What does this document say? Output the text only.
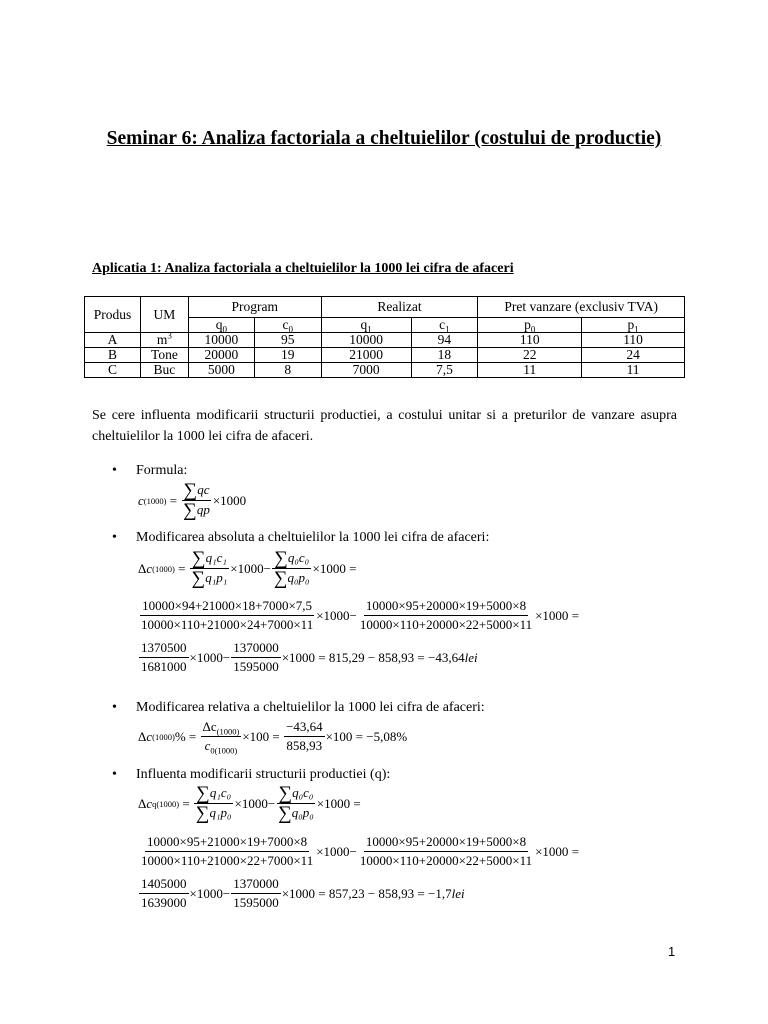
Seminar 6: Analiza factoriala a cheltuielilor (costului de productie)
Aplicatia 1: Analiza factoriala a cheltuielilor la 1000 lei cifra de afaceri
Produs	UM	Program		Realizat		Pret vanzare (exclusiv TVA)	
		$q_0$	$c_0$	$q_1$	$c_1$	$p_0$	$p_1$
A	$m^3$	10000	95	10000	94	110	110
B	Tone	20000	19	21000	18	22	24
C	Buc	5000	8	7000	7,5	11	11
Se cere influenta modificarii structurii productiei, a costului unitar si a preturilor de vanzare asupra cheltuielilor la 1000 lei cifra de afaceri.
• Formula:
c (1000)
=
$\frac{\sum qc}{\sum qp} \times 1000$
• Modificarea absoluta a cheltuielilor la 1000 lei cifra de afaceri:
Δ c (1000)
=
$\frac{\text{∑q₁c₁}}{\text{∑q₁p₁}} \times 1000 - \frac{\text{∑q₀c₀}}{\text{∑q₀p₀}} \times 1000$
=
$\frac{10000\times 94+21000\times 18+7000\times 7,5}{10000\times 110+21000\times 24+7000\times 11} \times 1000 - \frac{10000\times 95+20000\times 19+5000\times 8}{10000\times 110+20000\times 22+5000\times 11} \times 1000$
=
$\frac{1370500}{1681000} \times 1000 - \frac{1370000}{1595000} \times 1000 = 815,29 - 858,93 = -43,64$ lei
• Modificarea relativa a cheltuielilor la 1000 lei cifra de afaceri:
Δ c (1000) %
=
$\frac{\Delta c_{(1000)}}{c_{0(1000)}} \times 100$ =
$\frac{-43,64}{858,93} \times 100 = -5,08\%$
• Influenta modificarii structurii productiei (q):
Δ c q (1000)
=
$\frac{\text{∑q₁c₀}}{\text{∑q₁p₀}} \times 1000 - \frac{\text{∑q₀c₀}}{\text{∑q₀p₀}} \times 1000$
=
$\frac{10000\times 95+21000\times 19+7000\times 8}{10000\times 110+21000\times 22+7000\times 11} \times 1000 - \frac{10000\times 95+20000\times 19+5000\times 8}{10000\times 110+20000\times 22+5000\times 11} \times 1000$
=
$\frac{1405000}{1639000} \times 1000 - \frac{1370000}{1595000} \times 1000 = 857,23 - 858,93 = -1,7$ lei
1
